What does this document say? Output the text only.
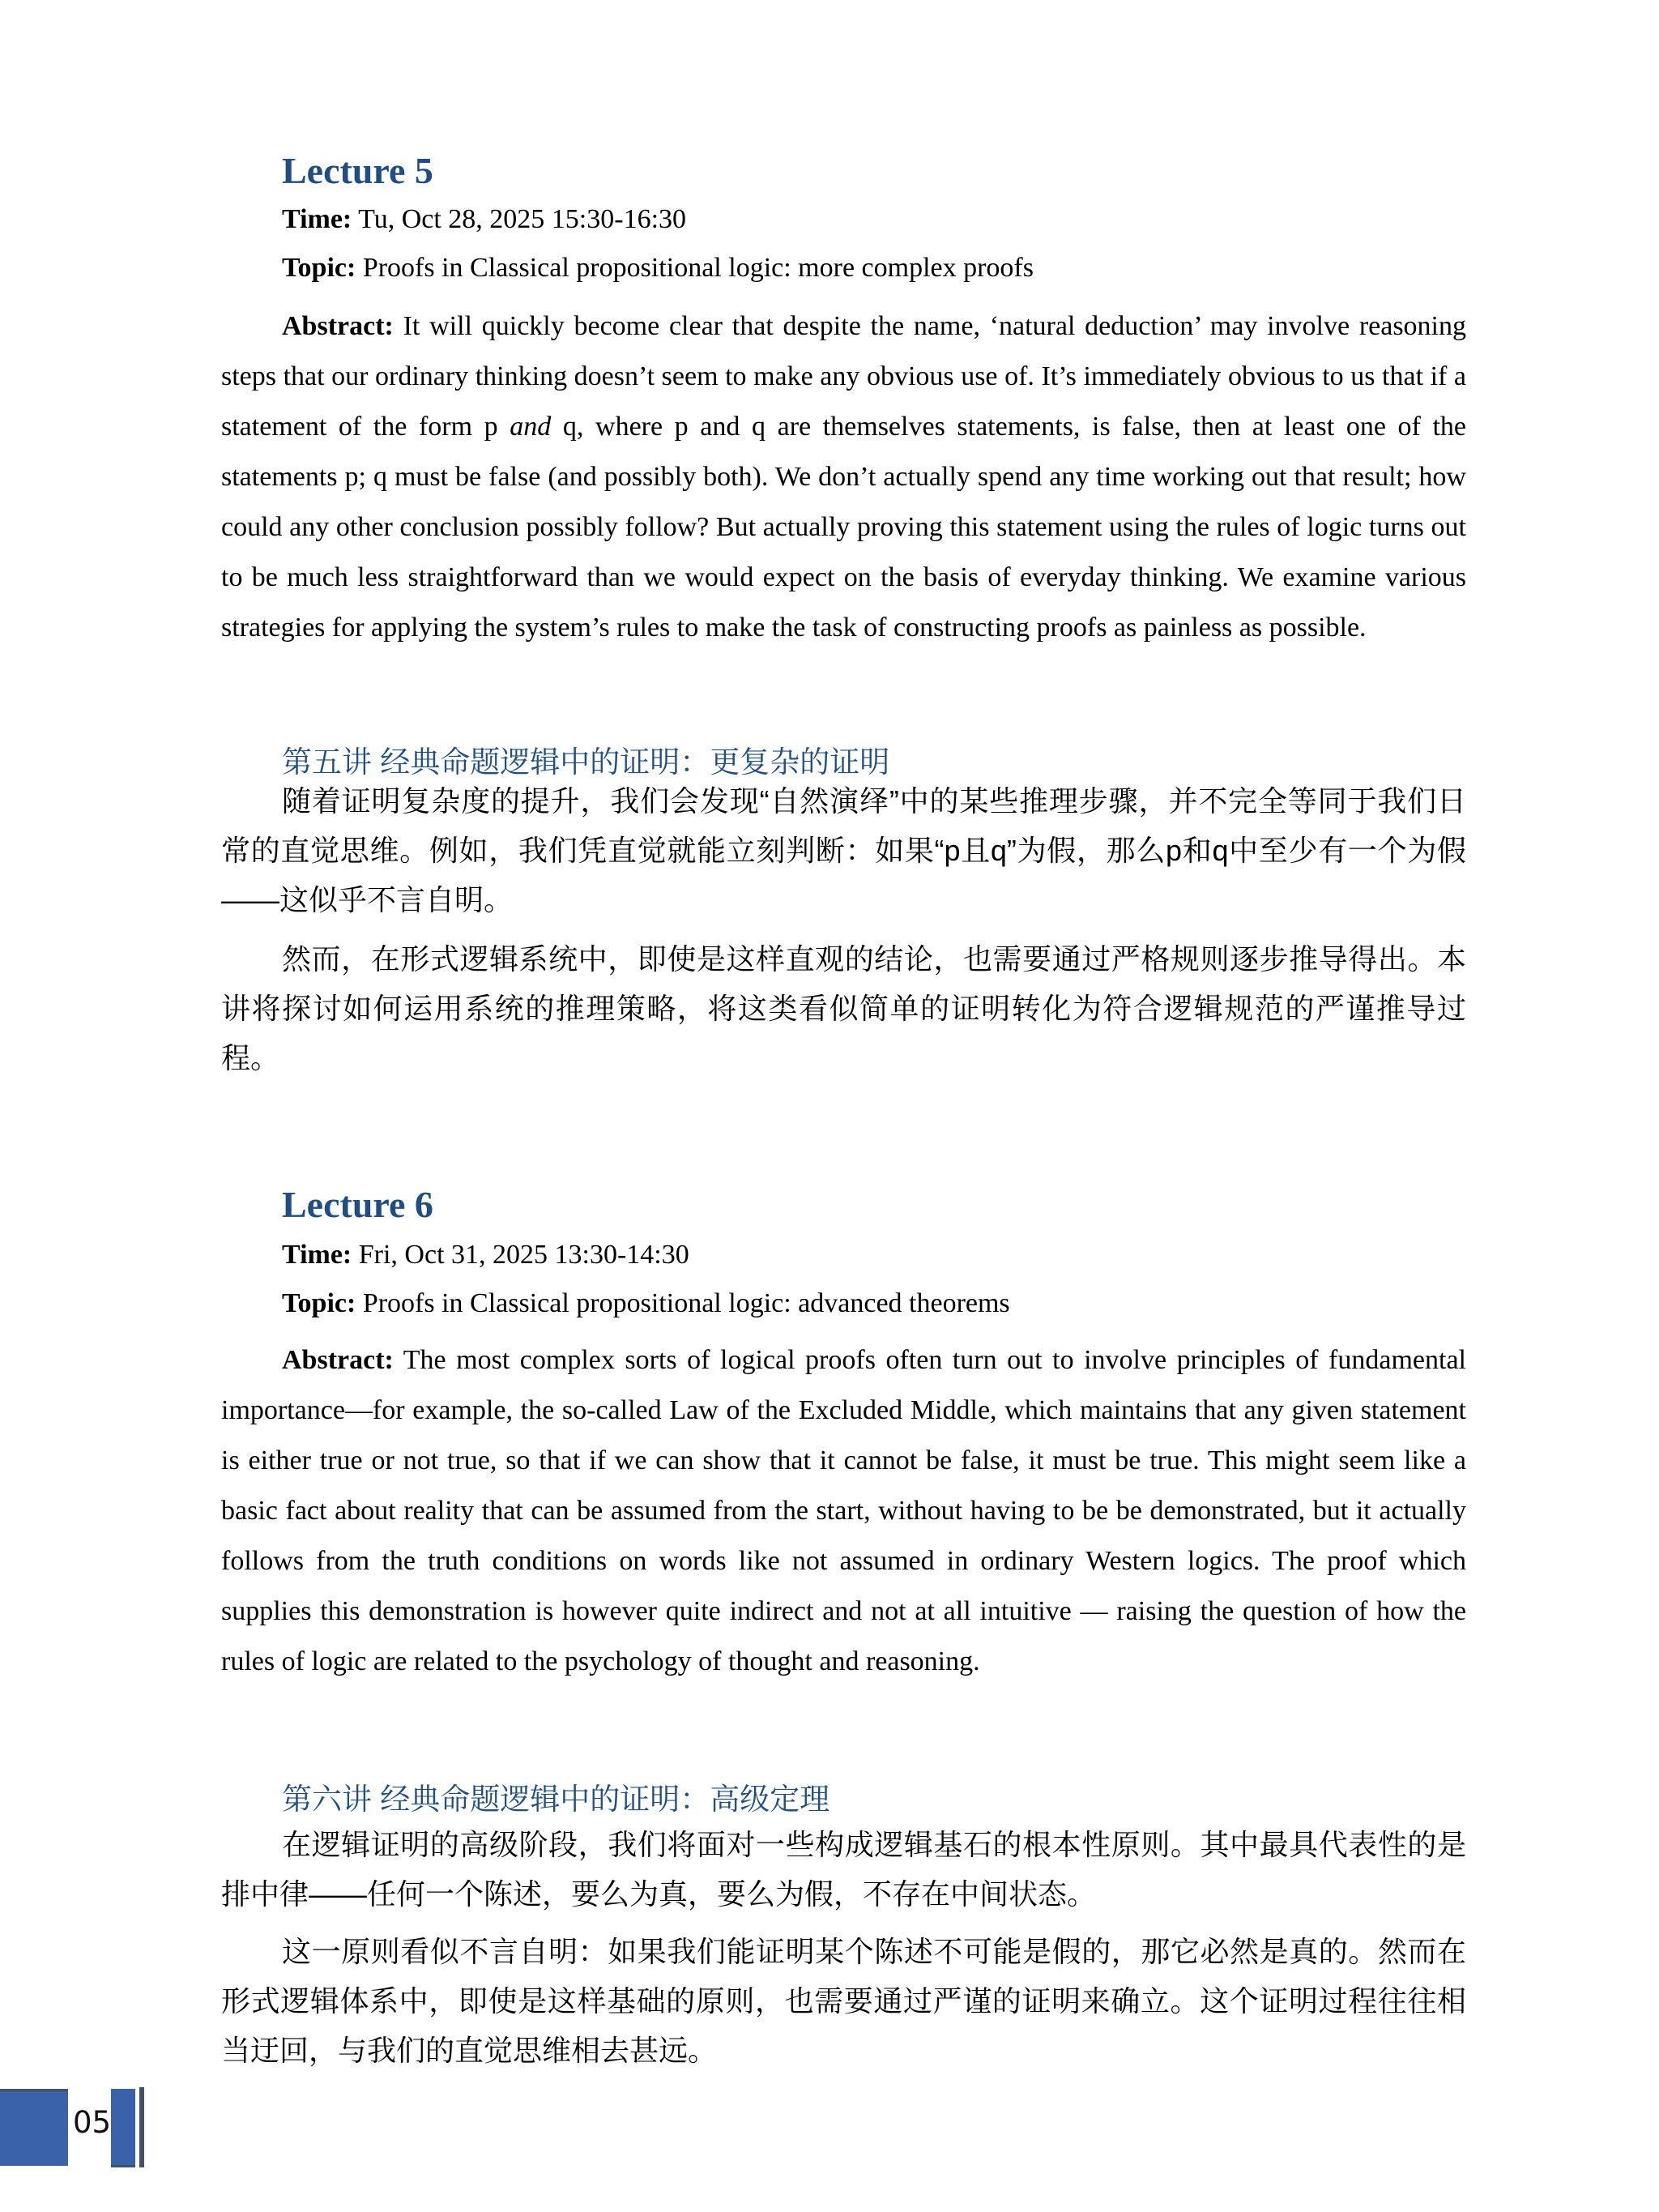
Lecture 5
Time: Tu, Oct 28, 2025 15:30-16:30
Topic: Proofs in Classical propositional logic: more complex proofs

Abstract: It will quickly become clear that despite the name, ‘natural deduction’ may involve reasoning steps that our ordinary thinking doesn’t seem to make any obvious use of. It’s immediately obvious to us that if a statement of the form p and q, where p and q are themselves statements, is false, then at least one of the statements p; q must be false (and possibly both). We don’t actually spend any time working out that result; how could any other conclusion possibly follow? But actually proving this statement using the rules of logic turns out to be much less straightforward than we would expect on the basis of everyday thinking. We examine various strategies for applying the system’s rules to make the task of constructing proofs as painless as possible.

第五讲 经典命题逻辑中的证明：更复杂的证明

随着证明复杂度的提升，我们会发现“自然演绎”中的某些推理步骤，并不完全等同于我们日常的直觉思维。例如，我们凭直觉就能立刻判断：如果“p且q”为假，那么p和q中至少有一个为假——这似乎不言自明。

然而，在形式逻辑系统中，即使是这样直观的结论，也需要通过严格规则逐步推导得出。本讲将探讨如何运用系统的推理策略，将这类看似简单的证明转化为符合逻辑规范的严谨推导过程。

Lecture 6
Time: Fri, Oct 31, 2025 13:30-14:30
Topic: Proofs in Classical propositional logic: advanced theorems

Abstract: The most complex sorts of logical proofs often turn out to involve principles of fundamental importance—for example, the so-called Law of the Excluded Middle, which maintains that any given statement is either true or not true, so that if we can show that it cannot be false, it must be true. This might seem like a basic fact about reality that can be assumed from the start, without having to be be demonstrated, but it actually follows from the truth conditions on words like not assumed in ordinary Western logics. The proof which supplies this demonstration is however quite indirect and not at all intuitive — raising the question of how the rules of logic are related to the psychology of thought and reasoning.

第六讲 经典命题逻辑中的证明：高级定理

在逻辑证明的高级阶段，我们将面对一些构成逻辑基石的根本性原则。其中最具代表性的是排中律——任何一个陈述，要么为真，要么为假，不存在中间状态。

这一原则看似不言自明：如果我们能证明某个陈述不可能是假的，那它必然是真的。然而在形式逻辑体系中，即使是这样基础的原则，也需要通过严谨的证明来确立。这个证明过程往往相当迂回，与我们的直觉思维相去甚远。

05
